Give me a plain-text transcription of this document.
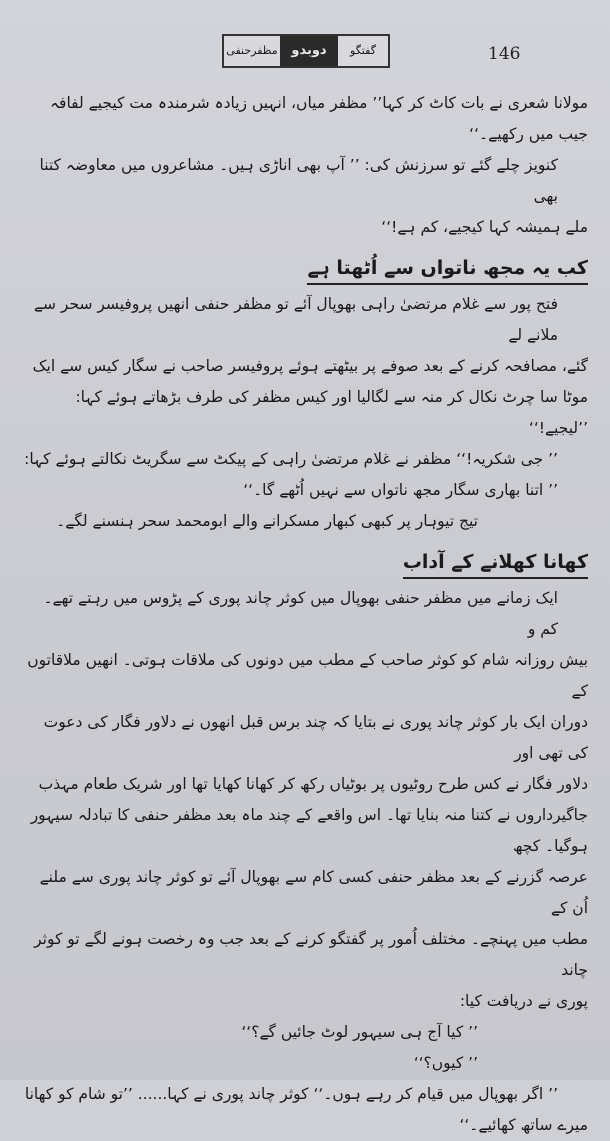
گفتگو
دوبدو
مظفرحنفی	146

مولانا شعری نے بات کاٹ کر کہا’’ مظفر میاں، انہیں زیادہ شرمندہ مت کیجیے لفافہ

جیب میں رکھیے۔‘‘

کنویز چلے گئے تو سرزنش کی: ’’ آپ بھی اناڑی ہیں۔ مشاعروں میں معاوضہ کتنا بھی

ملے ہمیشہ کہا کیجیے، کم ہے!‘‘

کب یہ مجھ ناتواں سے اُٹھتا ہے

فتح پور سے غلام مرتضیٰ راہی بھوپال آئے تو مظفر حنفی انھیں پروفیسر سحر سے ملانے لے

گئے، مصافحہ کرنے کے بعد صوفے پر بیٹھتے ہوئے پروفیسر صاحب نے سگار کیس سے ایک

موٹا سا چرٹ نکال کر منہ سے لگالیا اور کیس مظفر کی طرف بڑھاتے ہوئے کہا: ’’لیجیے!‘‘

’’ جی شکریہ!‘‘ مظفر نے غلام مرتضیٰ راہی کے پیکٹ سے سگریٹ نکالتے ہوئے کہا:

’’ اتنا بھاری سگار مجھ ناتواں سے نہیں اُٹھے گا۔‘‘

تیج تیوہار پر کبھی کبھار مسکرانے والے ابومحمد سحر ہنسنے لگے۔

کھانا کھلانے کے آداب

ایک زمانے میں مظفر حنفی بھوپال میں کوثر چاند پوری کے پڑوس میں رہتے تھے۔ کم و

بیش روزانہ شام کو کوثر صاحب کے مطب میں دونوں کی ملاقات ہوتی۔ انھیں ملاقاتوں کے

دوران ایک بار کوثر چاند پوری نے بتایا کہ چند برس قبل انھوں نے دلاور فگار کی دعوت کی تھی اور

دلاور فگار نے کس طرح روٹیوں پر بوٹیاں رکھ کر کھانا کھایا تھا اور شریک طعام مہذب

جاگیرداروں نے کتنا منہ بنایا تھا۔ اس واقعے کے چند ماہ بعد مظفر حنفی کا تبادلہ سیہور ہوگیا۔ کچھ

عرصہ گزرنے کے بعد مظفر حنفی کسی کام سے بھوپال آئے تو کوثر چاند پوری سے ملنے اُن کے

مطب میں پہنچے۔ مختلف اُمور پر گفتگو کرنے کے بعد جب وہ رخصت ہونے لگے تو کوثر چاند

پوری نے دریافت کیا:

’’ کیا آج ہی سیہور لوٹ جائیں گے؟‘‘

’’ کیوں؟‘‘

’’ اگر بھوپال میں قیام کر رہے ہوں۔‘‘ کوثر چاند پوری نے کہا...... ’’تو شام کو کھانا

میرے ساتھ کھائیے۔‘‘
